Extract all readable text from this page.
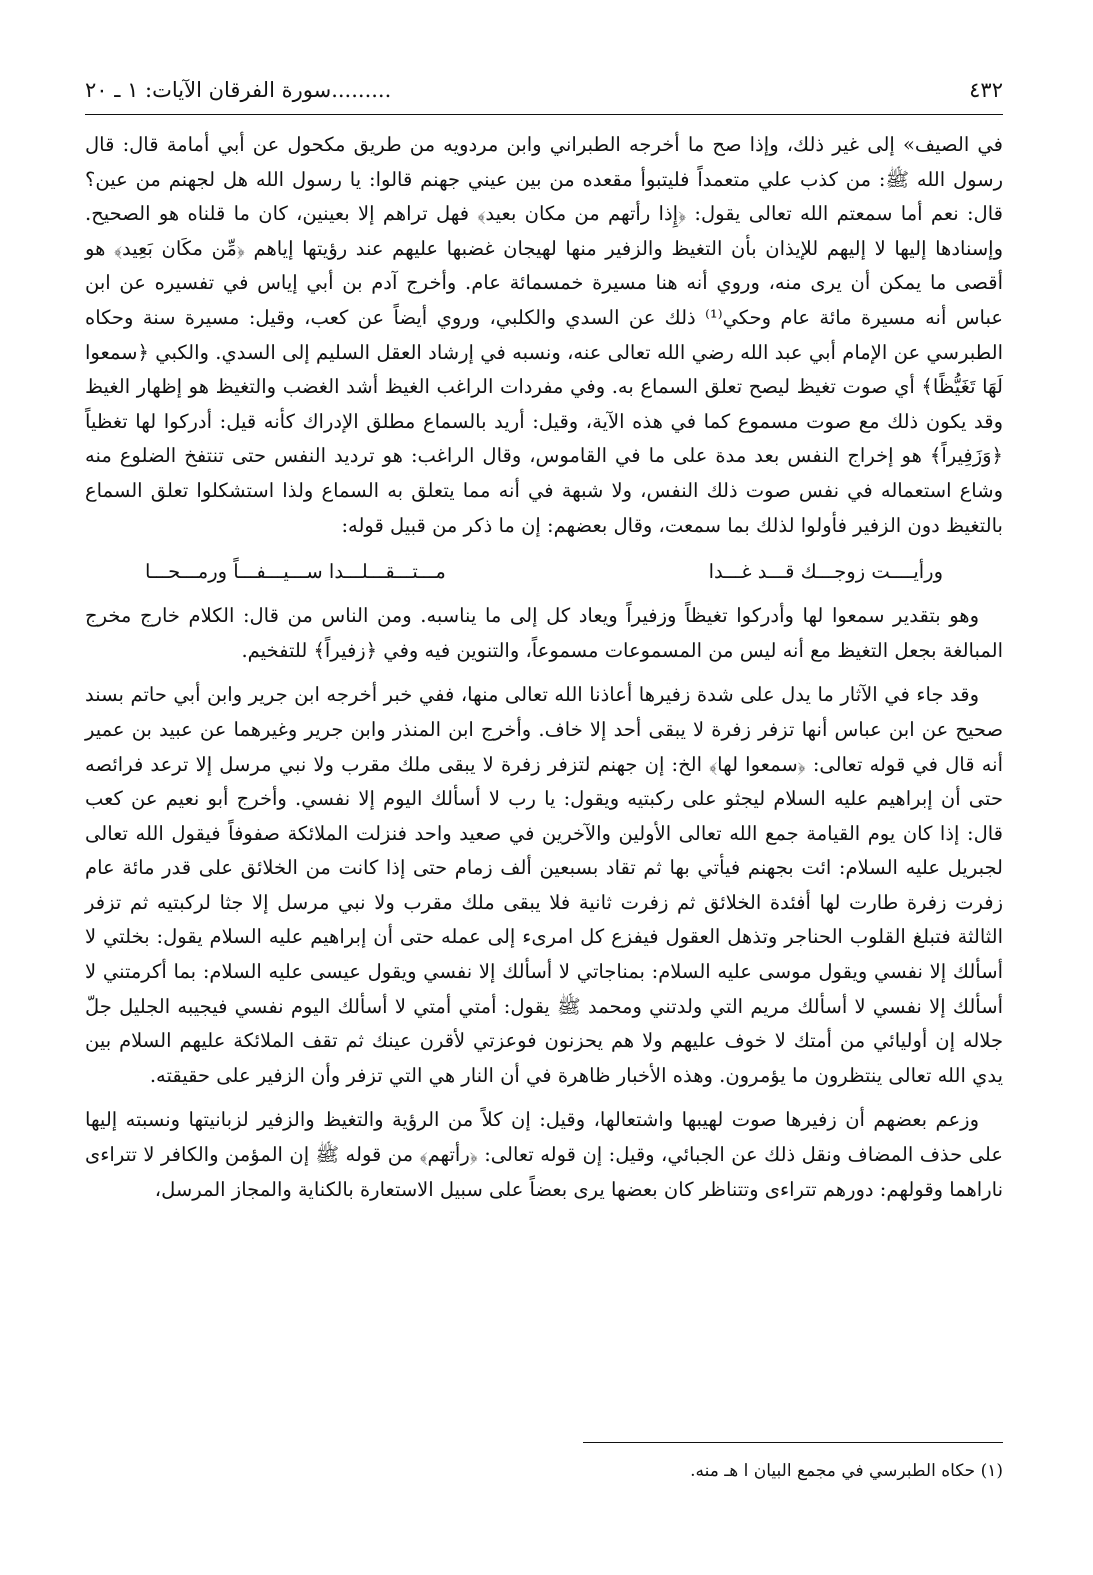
٤٣٢
.........سورة الفرقان الآيات: ١ ـ ٢٠

في الصيف» إلى غير ذلك، وإذا صح ما أخرجه الطبراني وابن مردويه من طريق مكحول عن أبي أمامة قال: قال رسول الله ﷺ: من كذب علي متعمداً فليتبوأ مقعده من بين عيني جهنم قالوا: يا رسول الله هل لجهنم من عين؟ قال: نعم أما سمعتم الله تعالى يقول: ﴿إِذا رأتهم من مكان بعيد﴾ فهل تراهم إلا بعينين، كان ما قلناه هو الصحيح. وإسنادها إليها لا إليهم للإيذان بأن التغيظ والزفير منها لهيجان غضبها عليهم عند رؤيتها إياهم ﴿مِّن مكَان بَعِيد﴾ هو أقصى ما يمكن أن يرى منه، وروي أنه هنا مسيرة خمسمائة عام. وأخرج آدم بن أبي إياس في تفسيره عن ابن عباس أنه مسيرة مائة عام وحكي⁽¹⁾ ذلك عن السدي والكلبي، وروي أيضاً عن كعب، وقيل: مسيرة سنة وحكاه الطبرسي عن الإمام أبي عبد الله رضي الله تعالى عنه، ونسبه في إرشاد العقل السليم إلى السدي. والكبي ﴿سمعوا لَهَا تَغَيُّظًا﴾ أي صوت تغيظ ليصح تعلق السماع به. وفي مفردات الراغب الغيظ أشد الغضب والتغيظ هو إظهار الغيظ وقد يكون ذلك مع صوت مسموع كما في هذه الآية، وقيل: أريد بالسماع مطلق الإدراك كأنه قيل: أدركوا لها تغظياً ﴿وَزَفِيراً﴾ هو إخراج النفس بعد مدة على ما في القاموس، وقال الراغب: هو ترديد النفس حتى تنتفخ الضلوع منه وشاع استعماله في نفس صوت ذلك النفس، ولا شبهة في أنه مما يتعلق به السماع ولذا استشكلوا تعلق السماع بالتغيظ دون الزفير فأولوا لذلك بما سمعت، وقال بعضهم: إن ما ذكر من قبيل قوله:

ورأيــــت زوجـــك قـــد غـــدا
مـــتـــقـــلـــدا ســـيـــفـــاً ورمـــحـــا

وهو بتقدير سمعوا لها وأدركوا تغيظاً وزفيراً ويعاد كل إلى ما يناسبه. ومن الناس من قال: الكلام خارج مخرج المبالغة بجعل التغيظ مع أنه ليس من المسموعات مسموعاً، والتنوين فيه وفي ﴿زفيراً﴾ للتفخيم.

وقد جاء في الآثار ما يدل على شدة زفيرها أعاذنا الله تعالى منها، ففي خبر أخرجه ابن جرير وابن أبي حاتم بسند صحيح عن ابن عباس أنها تزفر زفرة لا يبقى أحد إلا خاف. وأخرج ابن المنذر وابن جرير وغيرهما عن عبيد بن عمير أنه قال في قوله تعالى: ﴿سمعوا لها﴾ الخ: إن جهنم لتزفر زفرة لا يبقى ملك مقرب ولا نبي مرسل إلا ترعد فرائصه حتى أن إبراهيم عليه السلام ليجثو على ركبتيه ويقول: يا رب لا أسألك اليوم إلا نفسي. وأخرج أبو نعيم عن كعب قال: إذا كان يوم القيامة جمع الله تعالى الأولين والآخرين في صعيد واحد فنزلت الملائكة صفوفاً فيقول الله تعالى لجبريل عليه السلام: ائت بجهنم فيأتي بها ثم تقاد بسبعين ألف زمام حتى إذا كانت من الخلائق على قدر مائة عام زفرت زفرة طارت لها أفئدة الخلائق ثم زفرت ثانية فلا يبقى ملك مقرب ولا نبي مرسل إلا جثا لركبتيه ثم تزفر الثالثة فتبلغ القلوب الحناجر وتذهل العقول فيفزع كل امرىء إلى عمله حتى أن إبراهيم عليه السلام يقول: بخلتي لا أسألك إلا نفسي ويقول موسى عليه السلام: بمناجاتي لا أسألك إلا نفسي ويقول عيسى عليه السلام: بما أكرمتني لا أسألك إلا نفسي لا أسألك مريم التي ولدتني ومحمد ﷺ يقول: أمتي أمتي لا أسألك اليوم نفسي فيجيبه الجليل جلّ جلاله إن أوليائي من أمتك لا خوف عليهم ولا هم يحزنون فوعزتي لأقرن عينك ثم تقف الملائكة عليهم السلام بين يدي الله تعالى ينتظرون ما يؤمرون. وهذه الأخبار ظاهرة في أن النار هي التي تزفر وأن الزفير على حقيقته.

وزعم بعضهم أن زفيرها صوت لهيبها واشتعالها، وقيل: إن كلاً من الرؤية والتغيظ والزفير لزبانيتها ونسبته إليها على حذف المضاف ونقل ذلك عن الجبائي، وقيل: إن قوله تعالى: ﴿رأتهم﴾ من قوله ﷺ إن المؤمن والكافر لا تتراءى ناراهما وقولهم: دورهم تتراءى وتتناظر كان بعضها يرى بعضاً على سبيل الاستعارة بالكناية والمجاز المرسل،

(١) حكاه الطبرسي في مجمع البيان ا هـ منه.
